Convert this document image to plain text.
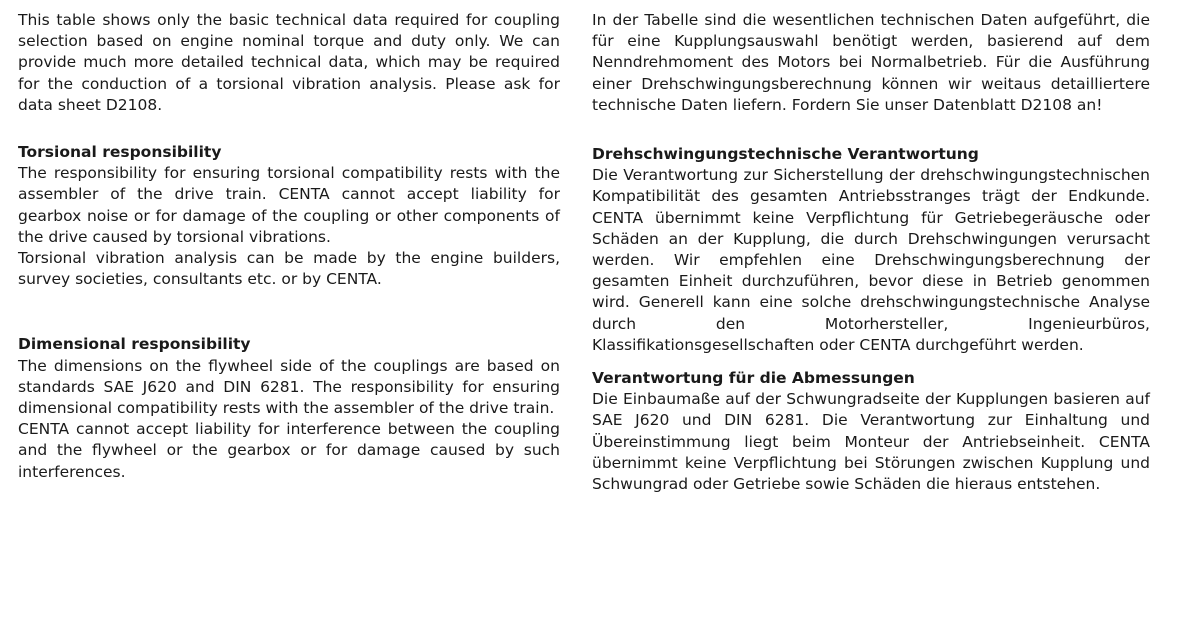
This table shows only the basic technical data required for coupling selection based on engine nominal torque and duty only. We can provide much more detailed technical data, which may be required for the conduction of a torsional vibration analysis. Please ask for data sheet D2108.

Torsional responsibility

The responsibility for ensuring torsional compatibility rests with the assembler of the drive train. CENTA cannot accept liability for gearbox noise or for damage of the coupling or other components of the drive caused by torsional vibrations.

Torsional vibration analysis can be made by the engine builders, survey societies, consultants etc. or by CENTA.

Dimensional responsibility

The dimensions on the flywheel side of the couplings are based on standards SAE J620 and DIN 6281. The responsibility for ensuring dimensional compatibility rests with the assembler of the drive train.

CENTA cannot accept liability for interference between the coupling and the flywheel or the gearbox or for damage caused by such interferences.

In der Tabelle sind die wesentlichen technischen Daten aufgeführt, die für eine Kupplungsauswahl benötigt werden, basierend auf dem Nenndrehmoment des Motors bei Normalbetrieb. Für die Ausführung einer Drehschwingungsberechnung können wir weitaus detailliertere technische Daten liefern. Fordern Sie unser Datenblatt D2108 an!

Drehschwingungstechnische Verantwortung

Die Verantwortung zur Sicherstellung der drehschwingungstechnischen Kompatibilität des gesamten Antriebsstranges trägt der Endkunde. CENTA übernimmt keine Verpflichtung für Getriebegeräusche oder Schäden an der Kupplung, die durch Drehschwingungen verursacht werden. Wir empfehlen eine Drehschwingungsberechnung der gesamten Einheit durchzuführen, bevor diese in Betrieb genommen wird. Generell kann eine solche drehschwingungstechnische Analyse durch den Motorhersteller, Ingenieurbüros, Klassifikationsgesellschaften oder CENTA durchgeführt werden.

Verantwortung für die Abmessungen

Die Einbaumaße auf der Schwungradseite der Kupplungen basieren auf SAE J620 und DIN 6281. Die Verantwortung zur Einhaltung und Übereinstimmung liegt beim Monteur der Antriebseinheit. CENTA übernimmt keine Verpflichtung bei Störungen zwischen Kupplung und Schwungrad oder Getriebe sowie Schäden die hieraus entstehen.
